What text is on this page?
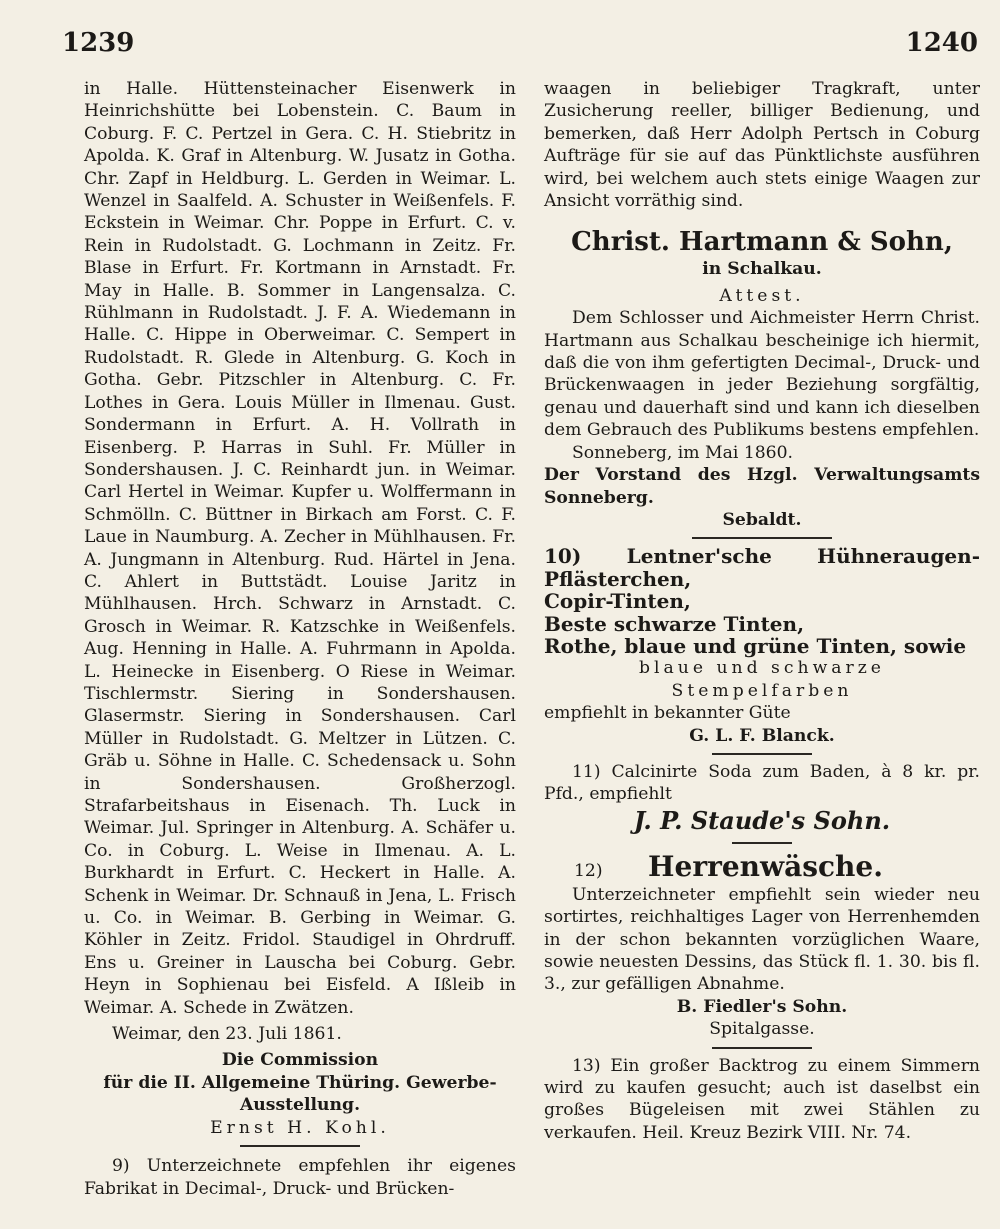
1239	1240

in Halle. Hüttensteinacher Eisenwerk in Heinrichshütte bei Lobenstein. C. Baum in Coburg. F. C. Pertzel in Gera. C. H. Stiebritz in Apolda. K. Graf in Altenburg. W. Jusatz in Gotha. Chr. Zapf in Heldburg. L. Gerden in Weimar. L. Wenzel in Saalfeld. A. Schuster in Weißenfels. F. Eckstein in Weimar. Chr. Poppe in Erfurt. C. v. Rein in Rudolstadt. G. Lochmann in Zeitz. Fr. Blase in Erfurt. Fr. Kortmann in Arnstadt. Fr. May in Halle. B. Sommer in Langensalza. C. Rühlmann in Rudolstadt. J. F. A. Wiedemann in Halle. C. Hippe in Oberweimar. C. Sempert in Rudolstadt. R. Glede in Altenburg. G. Koch in Gotha. Gebr. Pitzschler in Altenburg. C. Fr. Lothes in Gera. Louis Müller in Ilmenau. Gust. Sondermann in Erfurt. A. H. Vollrath in Eisenberg. P. Harras in Suhl. Fr. Müller in Sondershausen. J. C. Reinhardt jun. in Weimar. Carl Hertel in Weimar. Kupfer u. Wolffermann in Schmölln. C. Büttner in Birkach am Forst. C. F. Laue in Naumburg. A. Zecher in Mühlhausen. Fr. A. Jungmann in Altenburg. Rud. Härtel in Jena. C. Ahlert in Buttstädt. Louise Jaritz in Mühlhausen. Hrch. Schwarz in Arnstadt. C. Grosch in Weimar. R. Katzschke in Weißenfels. Aug. Henning in Halle. A. Fuhrmann in Apolda. L. Heinecke in Eisenberg. O Riese in Weimar. Tischlermstr. Siering in Sondershausen. Glasermstr. Siering in Sondershausen. Carl Müller in Rudolstadt. G. Meltzer in Lützen. C. Gräb u. Söhne in Halle. C. Schedensack u. Sohn in Sondershausen. Großherzogl. Strafarbeitshaus in Eisenach. Th. Luck in Weimar. Jul. Springer in Altenburg. A. Schäfer u. Co. in Coburg. L. Weise in Ilmenau. A. L. Burkhardt in Erfurt. C. Heckert in Halle. A. Schenk in Weimar. Dr. Schnauß in Jena, L. Frisch u. Co. in Weimar. B. Gerbing in Weimar. G. Köhler in Zeitz. Fridol. Staudigel in Ohrdruff. Ens u. Greiner in Lauscha bei Coburg. Gebr. Heyn in Sophienau bei Eisfeld. A Ißleib in Weimar. A. Schede in Zwätzen.

Weimar, den 23. Juli 1861.

Die Commission

für die II. Allgemeine Thüring. Gewerbe-Ausstellung.

Ernst H. Kohl.

9) Unterzeichnete empfehlen ihr eigenes Fabrikat in Decimal-, Druck- und Brücken-

waagen in beliebiger Tragkraft, unter Zusicherung reeller, billiger Bedienung, und bemerken, daß Herr Adolph Pertsch in Coburg Aufträge für sie auf das Pünktlichste ausführen wird, bei welchem auch stets einige Waagen zur Ansicht vorräthig sind.

Christ. Hartmann & Sohn,

in Schalkau.

Attest.

Dem Schlosser und Aichmeister Herrn Christ. Hartmann aus Schalkau bescheinige ich hiermit, daß die von ihm gefertigten Decimal-, Druck- und Brückenwaagen in jeder Beziehung sorgfältig, genau und dauerhaft sind und kann ich dieselben dem Gebrauch des Publikums bestens empfehlen.

Sonneberg, im Mai 1860.

Der Vorstand des Hzgl. Verwaltungsamts Sonneberg.

Sebaldt.

10) Lentner'sche Hühneraugen-Pflästerchen,

Copir-Tinten,

Beste schwarze Tinten,

Rothe, blaue und grüne Tinten, sowie

blaue und schwarze Stempelfarben

empfiehlt in bekannter Güte

G. L. F. Blanck.

11) Calcinirte Soda zum Baden, à 8 kr. pr. Pfd., empfiehlt

J. P. Staude's Sohn.

12) Herrenwäsche.

Unterzeichneter empfiehlt sein wieder neu sortirtes, reichhaltiges Lager von Herrenhemden in der schon bekannten vorzüglichen Waare, sowie neuesten Dessins, das Stück fl. 1. 30. bis fl. 3., zur gefälligen Abnahme.

B. Fiedler's Sohn.

Spitalgasse.

13) Ein großer Backtrog zu einem Simmern wird zu kaufen gesucht; auch ist daselbst ein großes Bügeleisen mit zwei Stählen zu verkaufen. Heil. Kreuz Bezirk VIII. Nr. 74.
